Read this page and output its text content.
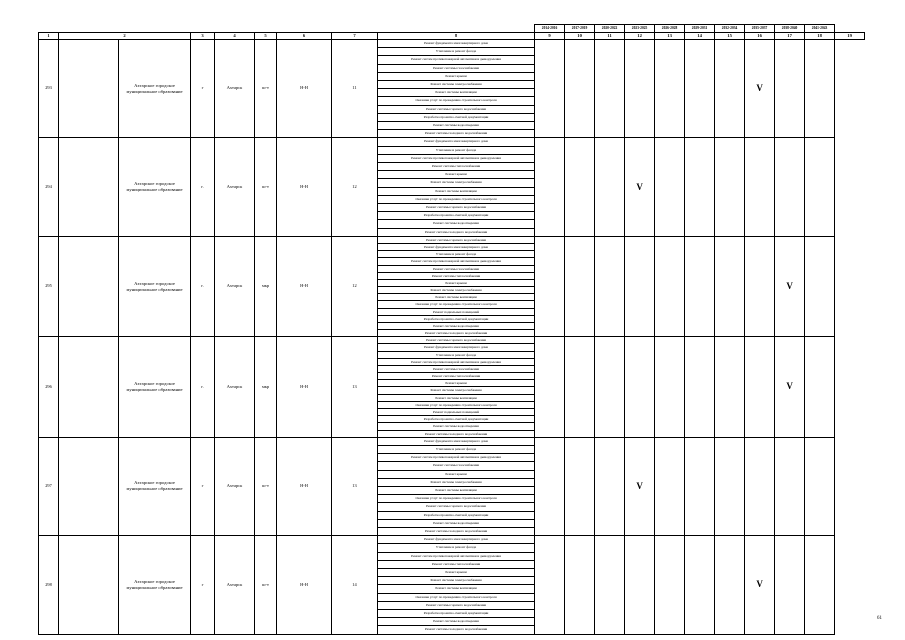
									2014-2016	2017-2019	2020-2022	2023-2025	2026-2028	2029-2031	2032-2034	2035-2037	2038-2040	2041-2043	
1	2		3	4	5	6	7	8	9	10	11	12	13	14	15	16	17	18	19
293		Ахтарское городское муниципальное образование	г	Ахтарск	ш-т	Н-Н	11	Ремонт фундамента многоквартирного дома								V			
								Утепление и ремонт фасада											
								Ремонт систем противопожарной автоматики и дымоудаления											
								Ремонт системы газоснабжения											
								Ремонт крыши											
								Ремонт системы электроснабжения											
								Ремонт системы вентиляции											
								Оказание услуг по проведению строительного контроля											
								Ремонт системы горячего водоснабжения											
								Разработка проектно-сметной документации											
								Ремонт системы водоотведения											
								Ремонт системы холодного водоснабжения											
294		Ахтарское городское муниципальное образование	г.	Ахтарск	ш-т	Н-Н	12	Ремонт фундамента многоквартирного дома				V							
								Утепление и ремонт фасада											
								Ремонт систем противопожарной автоматики и дымоудаления											
								Ремонт системы теплоснабжения											
								Ремонт крыши											
								Ремонт системы электроснабжения											
								Ремонт системы вентиляции											
								Оказание услуг по проведению строительного контроля											
								Ремонт системы горячего водоснабжения											
								Разработка проектно-сметной документации											
								Ремонт системы водоотведения											
								Ремонт системы холодного водоснабжения											
295		Ахтарское городское муниципальное образование	г.	Ахтарск	мкр	Н-Н	12	Ремонт системы горячего водоснабжения									V		
								Ремонт фундамента многоквартирного дома											
								Утепление и ремонт фасада											
								Ремонт систем противопожарной автоматики и дымоудаления											
								Ремонт системы газоснабжения											
								Ремонт системы теплоснабжения											
								Ремонт крыши											
								Ремонт системы электроснабжения											
								Ремонт системы вентиляции											
								Оказание услуг по проведению строительного контроля											
								Ремонт подвальных помещений											
								Разработка проектно-сметной документации											
								Ремонт системы водоотведения											
								Ремонт системы холодного водоснабжения											
296		Ахтарское городское муниципальное образование	г.	Ахтарск	мкр	Н-Н	13	Ремонт системы горячего водоснабжения									V		
								Ремонт фундамента многоквартирного дома											
								Утепление и ремонт фасада											
								Ремонт систем противопожарной автоматики и дымоудаления											
								Ремонт системы газоснабжения											
								Ремонт системы теплоснабжения											
								Ремонт крыши											
								Ремонт системы электроснабжения											
								Ремонт системы вентиляции											
								Оказание услуг по проведению строительного контроля											
								Ремонт подвальных помещений											
								Разработка проектно-сметной документации											
								Ремонт системы водоотведения											
								Ремонт системы холодного водоснабжения											
297		Ахтарское городское муниципальное образование	г	Ахтарск	ш-т	Н-Н	13	Ремонт фундамента многоквартирного дома				V							
								Утепление и ремонт фасада											
								Ремонт систем противопожарной автоматики и дымоудаления											
								Ремонт системы газоснабжения											
								Ремонт крыши											
								Ремонт системы электроснабжения											
								Ремонт системы вентиляции											
								Оказание услуг по проведению строительного контроля											
								Ремонт системы горячего водоснабжения											
								Разработка проектно-сметной документации											
								Ремонт системы водоотведения											
								Ремонт системы холодного водоснабжения											
298		Ахтарское городское муниципальное образование	г	Ахтарск	ш-т	Н-Н	14	Ремонт фундамента многоквартирного дома								V			
								Утепление и ремонт фасада											
								Ремонт систем противопожарной автоматики и дымоудаления											
								Ремонт системы теплоснабжения											
								Ремонт крыши											
								Ремонт системы электроснабжения											
								Ремонт системы вентиляции											
								Оказание услуг по проведению строительного контроля											
								Ремонт системы горячего водоснабжения											
								Разработка проектно-сметной документации											
								Ремонт системы водоотведения											
								Ремонт системы холодного водоснабжения											
61
